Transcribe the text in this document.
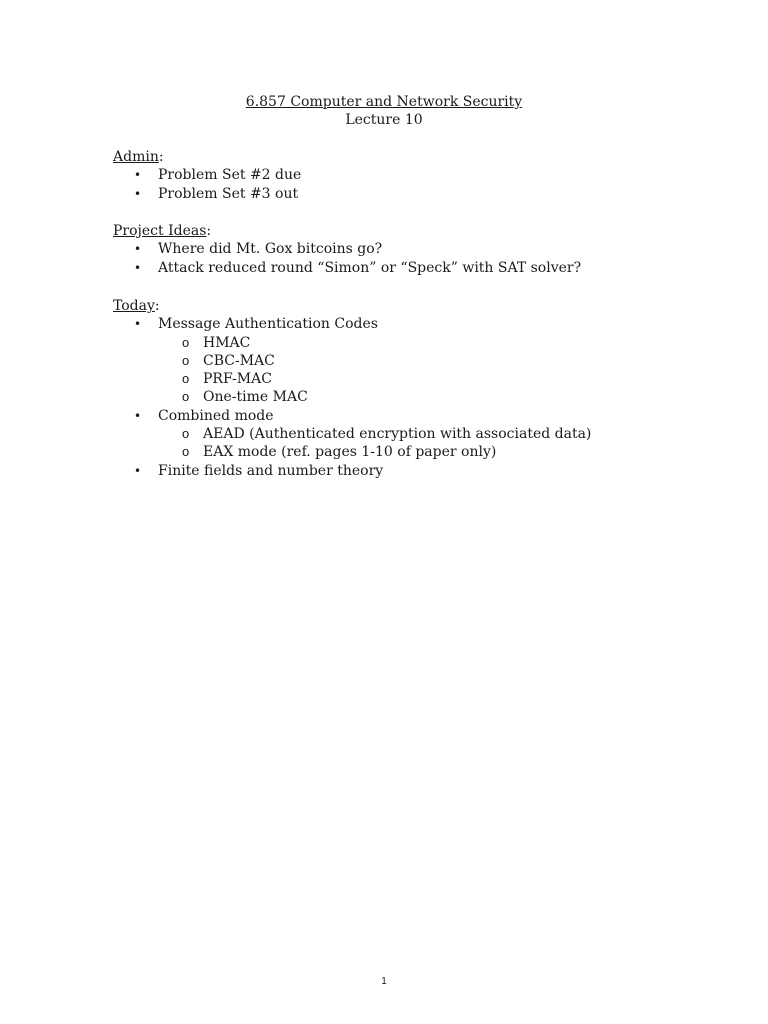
6.857 Computer and Network Security
Lecture 10
Admin:
• Problem Set #2 due
• Problem Set #3 out
Project Ideas:
• Where did Mt. Gox bitcoins go?
• Attack reduced round “Simon” or “Speck” with SAT solver?
Today:
• Message Authentication Codes
o HMAC
o CBC-MAC
o PRF-MAC
o One-time MAC
• Combined mode
o AEAD (Authenticated encryption with associated data)
o EAX mode (ref. pages 1-10 of paper only)
• Finite fields and number theory
1
